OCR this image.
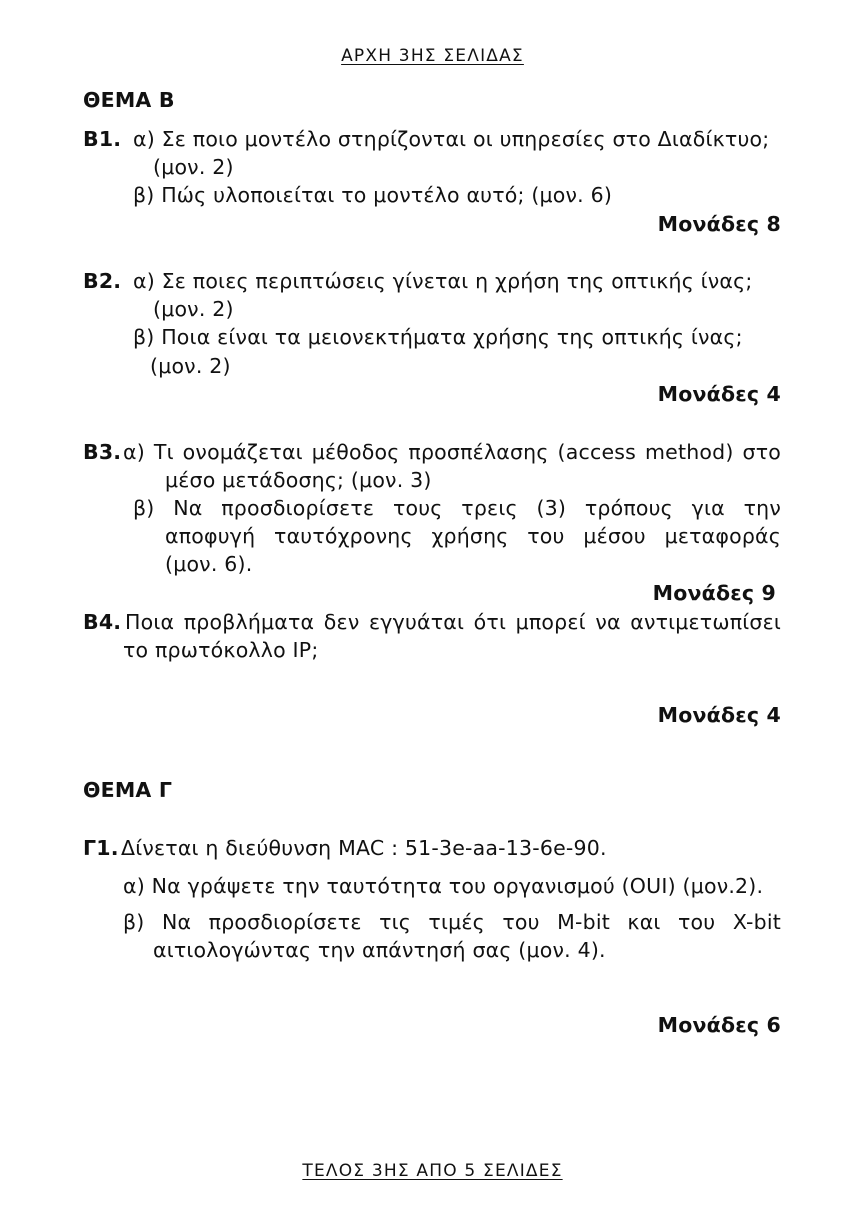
ΑΡΧΗ 3ΗΣ ΣΕΛΙΔΑΣ
ΘΕΜΑ Β
Β1. α) Σε ποιο μοντέλο στηρίζονται οι υπηρεσίες στο Διαδίκτυο;
(μον. 2)
β) Πώς υλοποιείται το μοντέλο αυτό; (μον. 6)
Μονάδες 8
Β2. α) Σε ποιες περιπτώσεις γίνεται η χρήση της οπτικής ίνας;
(μον. 2)
β) Ποια είναι τα μειονεκτήματα χρήσης της οπτικής ίνας;
(μον. 2)
Μονάδες 4
Β3. α) Τι ονομάζεται μέθοδος προσπέλασης (access method) στο
μέσο μετάδοσης; (μον. 3)
β) Να προσδιορίσετε τους τρεις (3) τρόπους για την
αποφυγή ταυτόχρονης χρήσης του μέσου μεταφοράς
(μον. 6).
Μονάδες 9
Β4. Ποια προβλήματα δεν εγγυάται ότι μπορεί να αντιμετωπίσει
το πρωτόκολλο IP;
Μονάδες 4
ΘΕΜΑ Γ
Γ1. Δίνεται η διεύθυνση MAC : 51-3e-aa-13-6e-90.
α) Να γράψετε την ταυτότητα του οργανισμού (OUI) (μον.2).
β) Να προσδιορίσετε τις τιμές του M-bit και του X-bit
αιτιολογώντας την απάντησή σας (μον. 4).
Μονάδες 6
ΤΕΛΟΣ 3ΗΣ ΑΠΟ 5 ΣΕΛΙΔΕΣ
